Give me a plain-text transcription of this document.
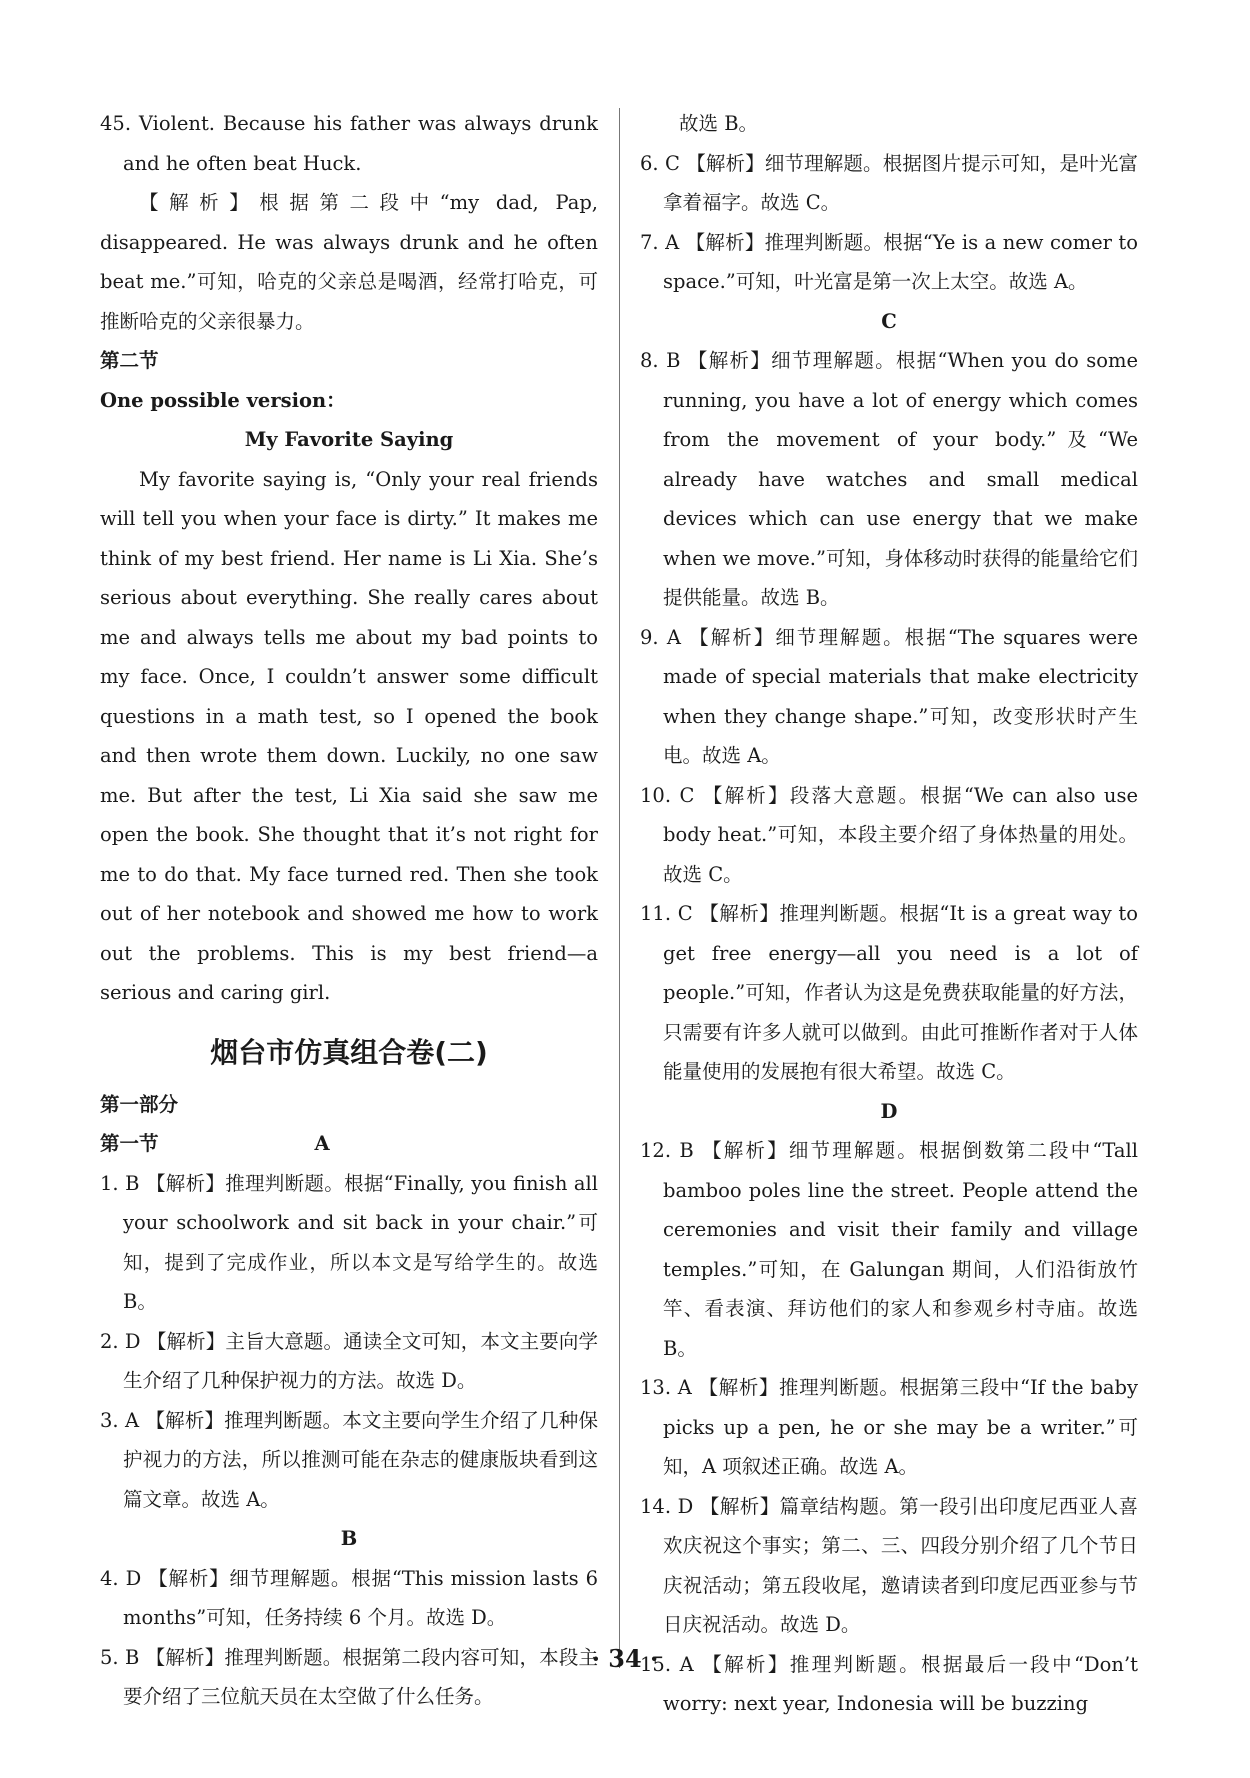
45. Violent. Because his father was always drunk and he often beat Huck.

【解析】根据第二段中“my dad, Pap, disappeared. He was always drunk and he often beat me.”可知，哈克的父亲总是喝酒，经常打哈克，可推断哈克的父亲很暴力。

第二节

One possible version：

My Favorite Saying

My favorite saying is, “Only your real friends will tell you when your face is dirty.” It makes me think of my best friend. Her name is Li Xia. She’s serious about everything. She really cares about me and always tells me about my bad points to my face. Once, I couldn’t answer some difficult questions in a math test, so I opened the book and then wrote them down. Luckily, no one saw me. But after the test, Li Xia said she saw me open the book. She thought that it’s not right for me to do that. My face turned red. Then she took out of her notebook and showed me how to work out the problems. This is my best friend—a serious and caring girl.

烟台市仿真组合卷(二)

第一部分

第一节　　　　　　　　A

1. B 【解析】推理判断题。根据“Finally, you finish all your schoolwork and sit back in your chair.”可知，提到了完成作业，所以本文是写给学生的。故选 B。

2. D 【解析】主旨大意题。通读全文可知，本文主要向学生介绍了几种保护视力的方法。故选 D。

3. A 【解析】推理判断题。本文主要向学生介绍了几种保护视力的方法，所以推测可能在杂志的健康版块看到这篇文章。故选 A。

B

4. D 【解析】细节理解题。根据“This mission lasts 6 months”可知，任务持续 6 个月。故选 D。

5. B 【解析】推理判断题。根据第二段内容可知，本段主要介绍了三位航天员在太空做了什么任务。

故选 B。

6. C 【解析】细节理解题。根据图片提示可知，是叶光富拿着福字。故选 C。

7. A 【解析】推理判断题。根据“Ye is a new comer to space.”可知，叶光富是第一次上太空。故选 A。

C

8. B 【解析】细节理解题。根据“When you do some running, you have a lot of energy which comes from the movement of your body.”及“We already have watches and small medical devices which can use energy that we make when we move.”可知，身体移动时获得的能量给它们提供能量。故选 B。

9. A 【解析】细节理解题。根据“The squares were made of special materials that make electricity when they change shape.”可知，改变形状时产生电。故选 A。

10. C 【解析】段落大意题。根据“We can also use body heat.”可知，本段主要介绍了身体热量的用处。故选 C。

11. C 【解析】推理判断题。根据“It is a great way to get free energy—all you need is a lot of people.”可知，作者认为这是免费获取能量的好方法，只需要有许多人就可以做到。由此可推断作者对于人体能量使用的发展抱有很大希望。故选 C。

D

12. B 【解析】细节理解题。根据倒数第二段中“Tall bamboo poles line the street. People attend the ceremonies and visit their family and village temples.”可知，在 Galungan 期间，人们沿街放竹竿、看表演、拜访他们的家人和参观乡村寺庙。故选 B。

13. A 【解析】推理判断题。根据第三段中“If the baby picks up a pen, he or she may be a writer.”可知，A 项叙述正确。故选 A。

14. D 【解析】篇章结构题。第一段引出印度尼西亚人喜欢庆祝这个事实；第二、三、四段分别介绍了几个节日庆祝活动；第五段收尾，邀请读者到印度尼西亚参与节日庆祝活动。故选 D。

15. A 【解析】推理判断题。根据最后一段中“Don’t worry: next year, Indonesia will be buzzing

· 34 ·
